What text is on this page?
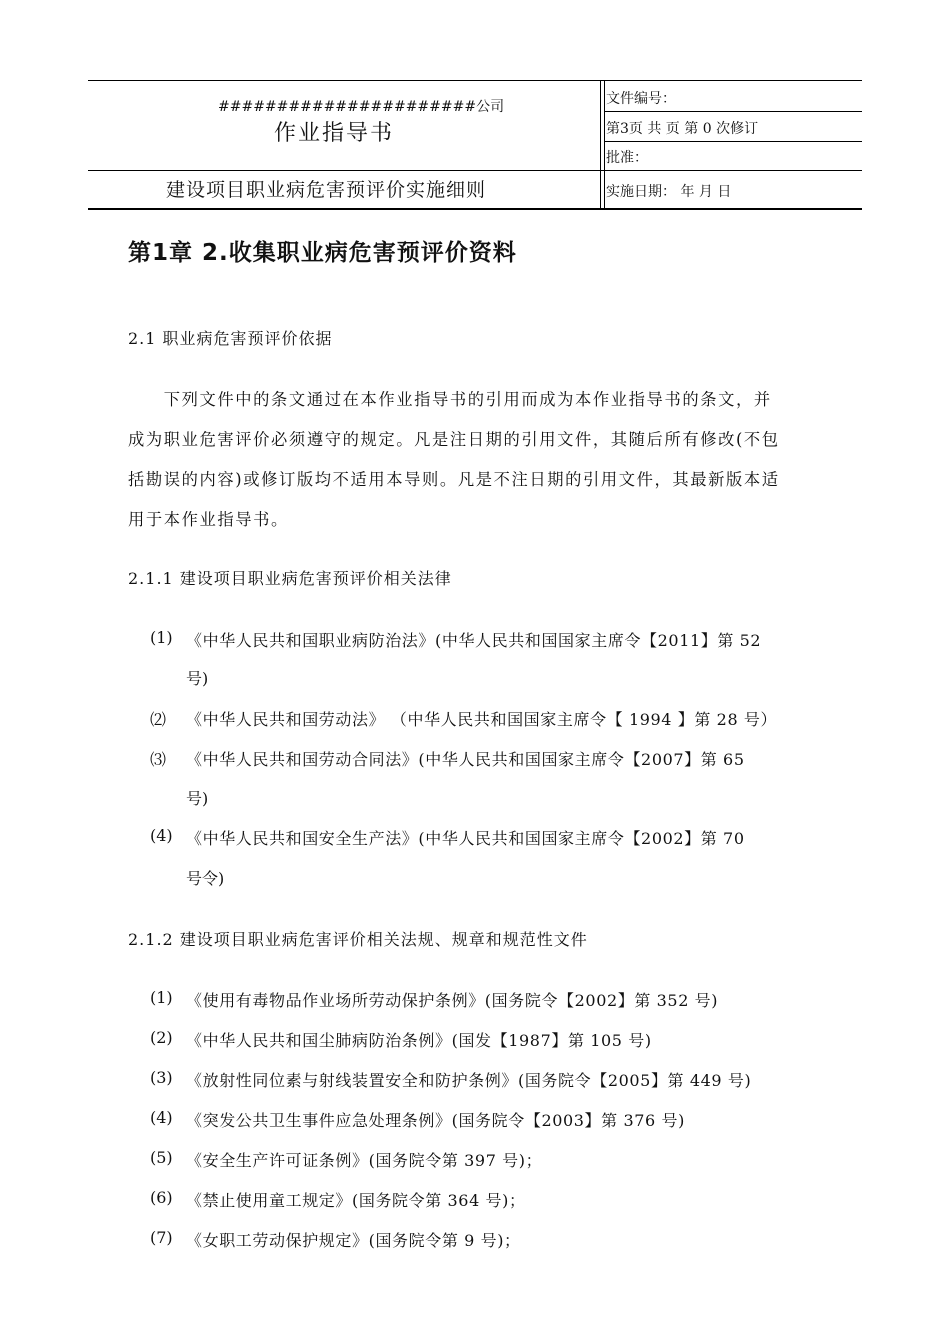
######################公司
作业指导书
建设项目职业病危害预评价实施细则
文件编号：
第3页 共 页 第 0 次修订
批准：
实施日期： 年 月 日
第1章 2.收集职业病危害预评价资料
2.1 职业病危害预评价依据
　　下列文件中的条文通过在本作业指导书的引用而成为本作业指导书的条文，并
成为职业危害评价必须遵守的规定。凡是注日期的引用文件，其随后所有修改(不包
括勘误的内容)或修订版均不适用本导则。凡是不注日期的引用文件，其最新版本适
用于本作业指导书。
2.1.1 建设项目职业病危害预评价相关法律
(1) 《中华人民共和国职业病防治法》(中华人民共和国国家主席令【2011】第 52
号)
⑵ 《中华人民共和国劳动法》 （中华人民共和国国家主席令【 1994 】第 28 号）
⑶ 《中华人民共和国劳动合同法》(中华人民共和国国家主席令【2007】第 65
号)
(4) 《中华人民共和国安全生产法》(中华人民共和国国家主席令【2002】第 70
号令)
2.1.2 建设项目职业病危害评价相关法规、规章和规范性文件
(1) 《使用有毒物品作业场所劳动保护条例》(国务院令【2002】第 352 号)
(2) 《中华人民共和国尘肺病防治条例》(国发【1987】第 105 号)
(3) 《放射性同位素与射线装置安全和防护条例》(国务院令【2005】第 449 号)
(4) 《突发公共卫生事件应急处理条例》(国务院令【2003】第 376 号)
(5) 《安全生产许可证条例》(国务院令第 397 号)；
(6) 《禁止使用童工规定》(国务院令第 364 号)；
(7) 《女职工劳动保护规定》(国务院令第 9 号)；
